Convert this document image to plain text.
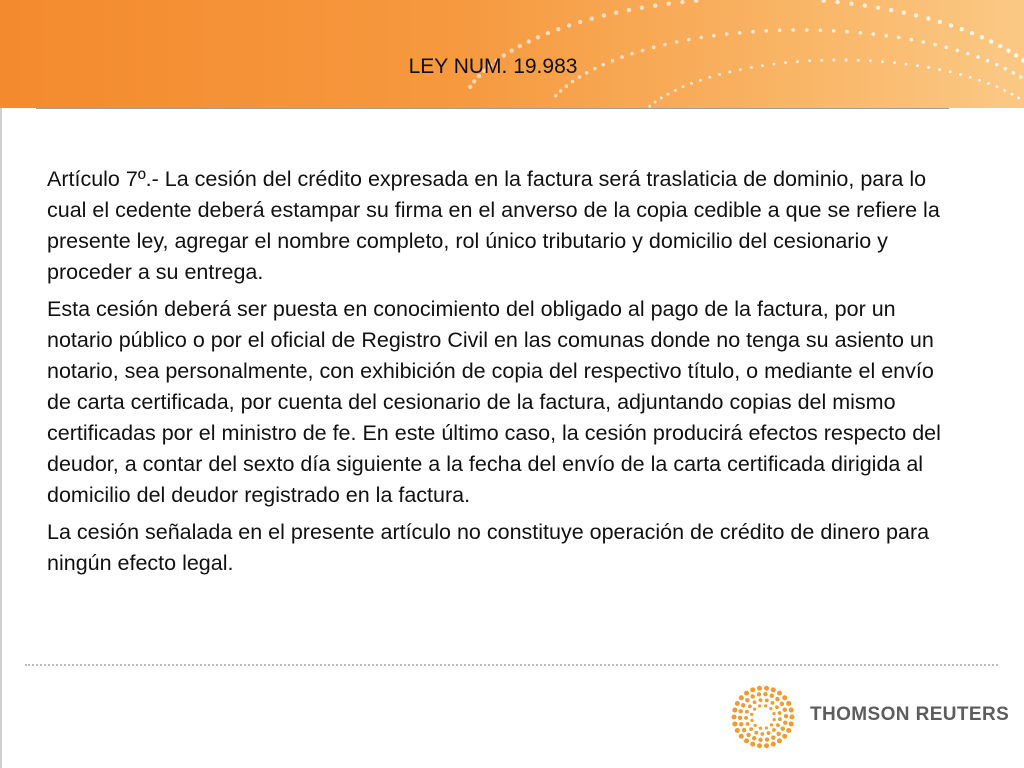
LEY NUM. 19.983

Artículo 7º.- La cesión del crédito expresada en la factura será traslaticia de dominio, para lo cual el cedente deberá estampar su firma en el anverso de la copia cedible a que se refiere la presente ley, agregar el nombre completo, rol único tributario y domicilio del cesionario y proceder a su entrega.

Esta cesión deberá ser puesta en conocimiento del obligado al pago de la factura, por un notario público o por el oficial de Registro Civil en las comunas donde no tenga su asiento un notario, sea personalmente, con exhibición de copia del respectivo título, o mediante el envío de carta certificada, por cuenta del cesionario de la factura, adjuntando copias del mismo certificadas por el ministro de fe. En este último caso, la cesión producirá efectos respecto del deudor, a contar del sexto día siguiente a la fecha del envío de la carta certificada dirigida al domicilio del deudor registrado en la factura.

La cesión señalada en el presente artículo no constituye operación de crédito de dinero para ningún efecto legal.

THOMSON REUTERS
